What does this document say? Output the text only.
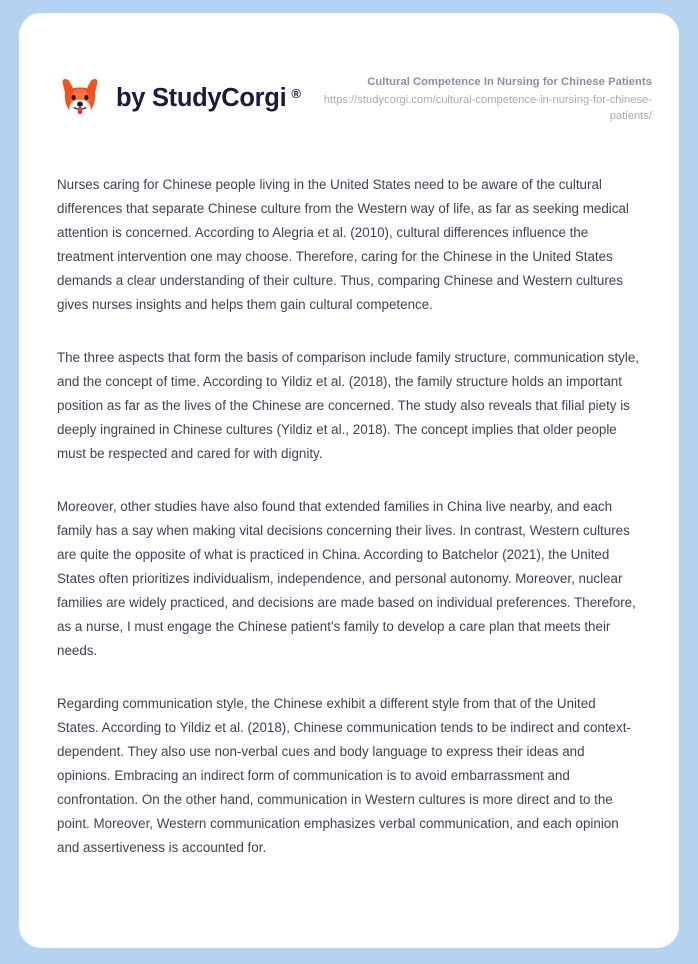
by StudyCorgi ®
Cultural Competence In Nursing for Chinese Patients
https://studycorgi.com/cultural-competence-in-nursing-for-chinese-patients/

Nurses caring for Chinese people living in the United States need to be aware of the cultural differences that separate Chinese culture from the Western way of life, as far as seeking medical attention is concerned. According to Alegria et al. (2010), cultural differences influence the treatment intervention one may choose. Therefore, caring for the Chinese in the United States demands a clear understanding of their culture. Thus, comparing Chinese and Western cultures gives nurses insights and helps them gain cultural competence.

The three aspects that form the basis of comparison include family structure, communication style, and the concept of time. According to Yildiz et al. (2018), the family structure holds an important position as far as the lives of the Chinese are concerned. The study also reveals that filial piety is deeply ingrained in Chinese cultures (Yildiz et al., 2018). The concept implies that older people must be respected and cared for with dignity.

Moreover, other studies have also found that extended families in China live nearby, and each family has a say when making vital decisions concerning their lives. In contrast, Western cultures are quite the opposite of what is practiced in China. According to Batchelor (2021), the United States often prioritizes individualism, independence, and personal autonomy. Moreover, nuclear families are widely practiced, and decisions are made based on individual preferences. Therefore, as a nurse, I must engage the Chinese patient's family to develop a care plan that meets their needs.

Regarding communication style, the Chinese exhibit a different style from that of the United States. According to Yildiz et al. (2018), Chinese communication tends to be indirect and context-dependent. They also use non-verbal cues and body language to express their ideas and opinions. Embracing an indirect form of communication is to avoid embarrassment and confrontation. On the other hand, communication in Western cultures is more direct and to the point. Moreover, Western communication emphasizes verbal communication, and each opinion and assertiveness is accounted for.
